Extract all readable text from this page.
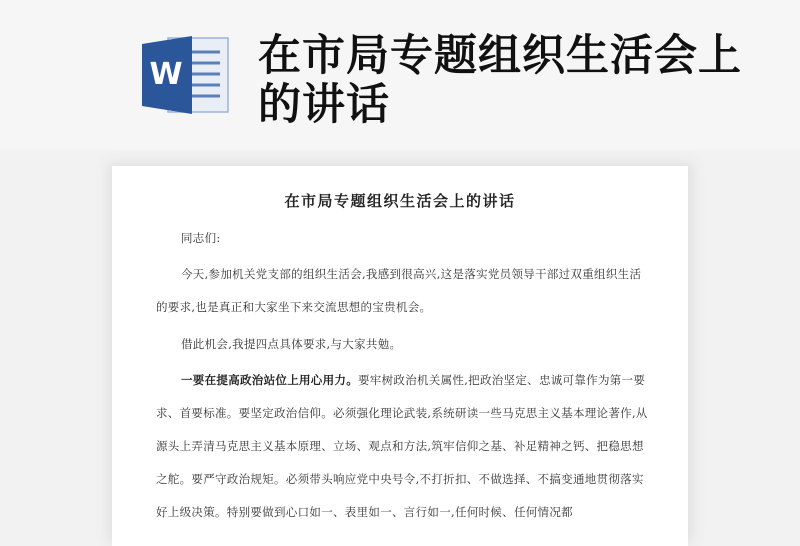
W 在市局专题组织生活会上的讲话
在市局专题组织生活会上的讲话
同志们:
今天,参加机关党支部的组织生活会,我感到很高兴,这是落实党员领导干部过双重组织生活的要求,也是真正和大家坐下来交流思想的宝贵机会。
借此机会,我提四点具体要求,与大家共勉。
一要在提高政治站位上用心用力。要牢树政治机关属性,把政治坚定、忠诚可靠作为第一要求、首要标准。要坚定政治信仰。必须强化理论武装,系统研读一些马克思主义基本理论著作,从源头上弄清马克思主义基本原理、立场、观点和方法,筑牢信仰之基、补足精神之钙、把稳思想之舵。要严守政治规矩。必须带头响应党中央号令,不打折扣、不做选择、不搞变通地贯彻落实好上级决策。特别要做到心口如一、表里如一、言行如一,任何时候、任何情况都
